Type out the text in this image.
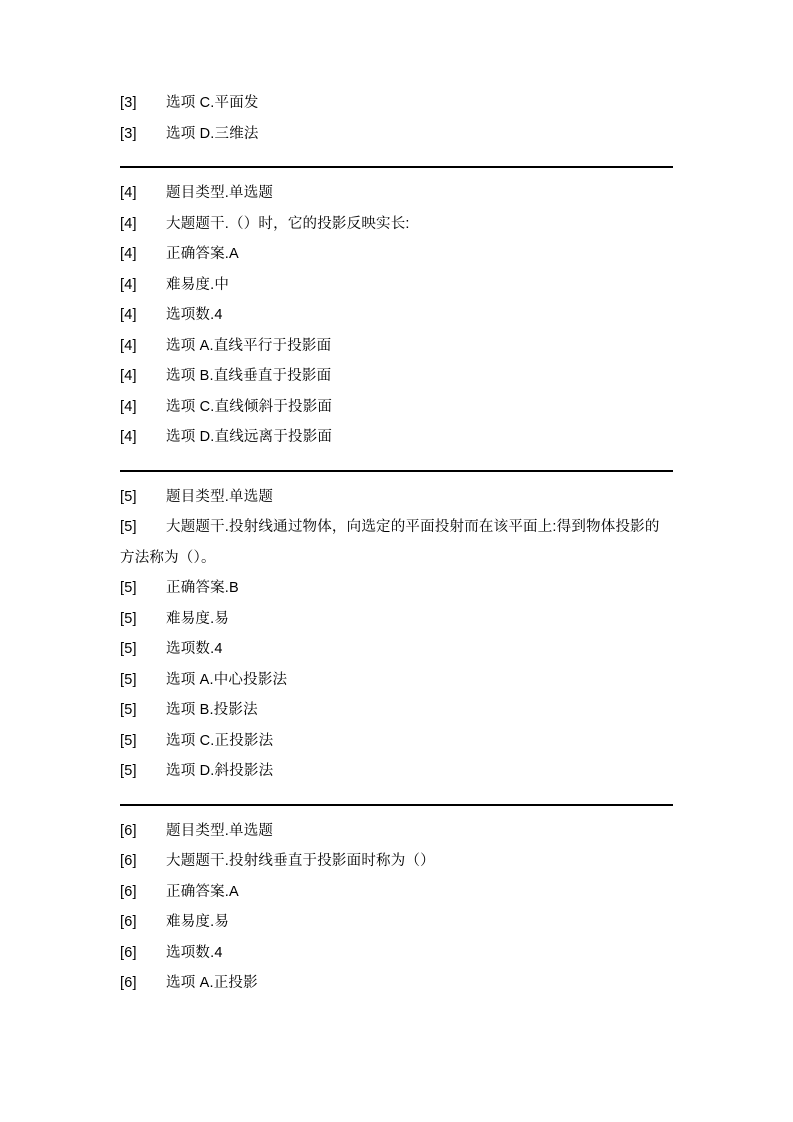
[3] 选项 C.平面发

[3] 选项 D.三维法

[4] 题目类型.单选题

[4] 大题题干.（）时，它的投影反映实长:

[4] 正确答案.A

[4] 难易度.中

[4] 选项数.4

[4] 选项 A.直线平行于投影面

[4] 选项 B.直线垂直于投影面

[4] 选项 C.直线倾斜于投影面

[4] 选项 D.直线远离于投影面

[5] 题目类型.单选题

[5] 大题题干.投射线通过物体，向选定的平面投射而在该平面上:得到物体投影的方法称为（）。

[5] 正确答案.B

[5] 难易度.易

[5] 选项数.4

[5] 选项 A.中心投影法

[5] 选项 B.投影法

[5] 选项 C.正投影法

[5] 选项 D.斜投影法

[6] 题目类型.单选题

[6] 大题题干.投射线垂直于投影面时称为（）

[6] 正确答案.A

[6] 难易度.易

[6] 选项数.4

[6] 选项 A.正投影
